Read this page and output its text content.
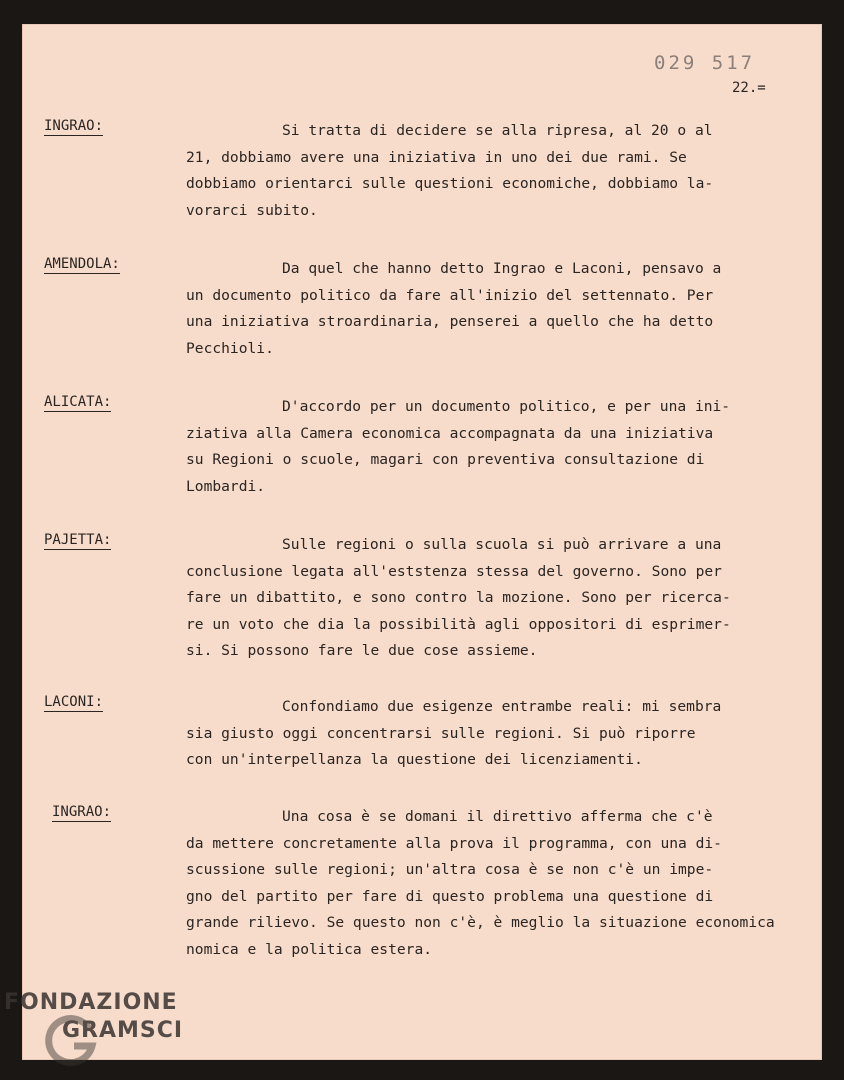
029 517
22.=
INGRAO:	Si tratta di decidere se alla ripresa, al 20 o al
21, dobbiamo avere una iniziativa in uno dei due rami. Se
dobbiamo orientarci sulle questioni economiche, dobbiamo la-
vorarci subito.
AMENDOLA:	Da quel che hanno detto Ingrao e Laconi, pensavo a
un documento politico da fare all'inizio del settennato. Per
una iniziativa stroardinaria, penserei a quello che ha detto
Pecchioli.
ALICATA:	D'accordo per un documento politico, e per una ini-
ziativa alla Camera economica accompagnata da una iniziativa
su Regioni o scuole, magari con preventiva consultazione di
Lombardi.
PAJETTA:	Sulle regioni o sulla scuola si può arrivare a una
conclusione legata all'eststenza stessa del governo. Sono per
fare un dibattito, e sono contro la mozione. Sono per ricerca-
re un voto che dia la possibilità agli oppositori di esprimer-
si. Si possono fare le due cose assieme.
LACONI:	Confondiamo due esigenze entrambe reali: mi sembra
sia giusto oggi concentrarsi sulle regioni. Si può riporre
con un'interpellanza la questione dei licenziamenti.
INGRAO:	Una cosa è se domani il direttivo afferma che c'è
da mettere concretamente alla prova il programma, con una di-
scussione sulle regioni; un'altra cosa è se non c'è un impe-
gno del partito per fare di questo problema una questione di
grande rilievo. Se questo non c'è, è meglio la situazione economica
nomica e la politica estera.
FONDAZIONE
GRAMSCI
